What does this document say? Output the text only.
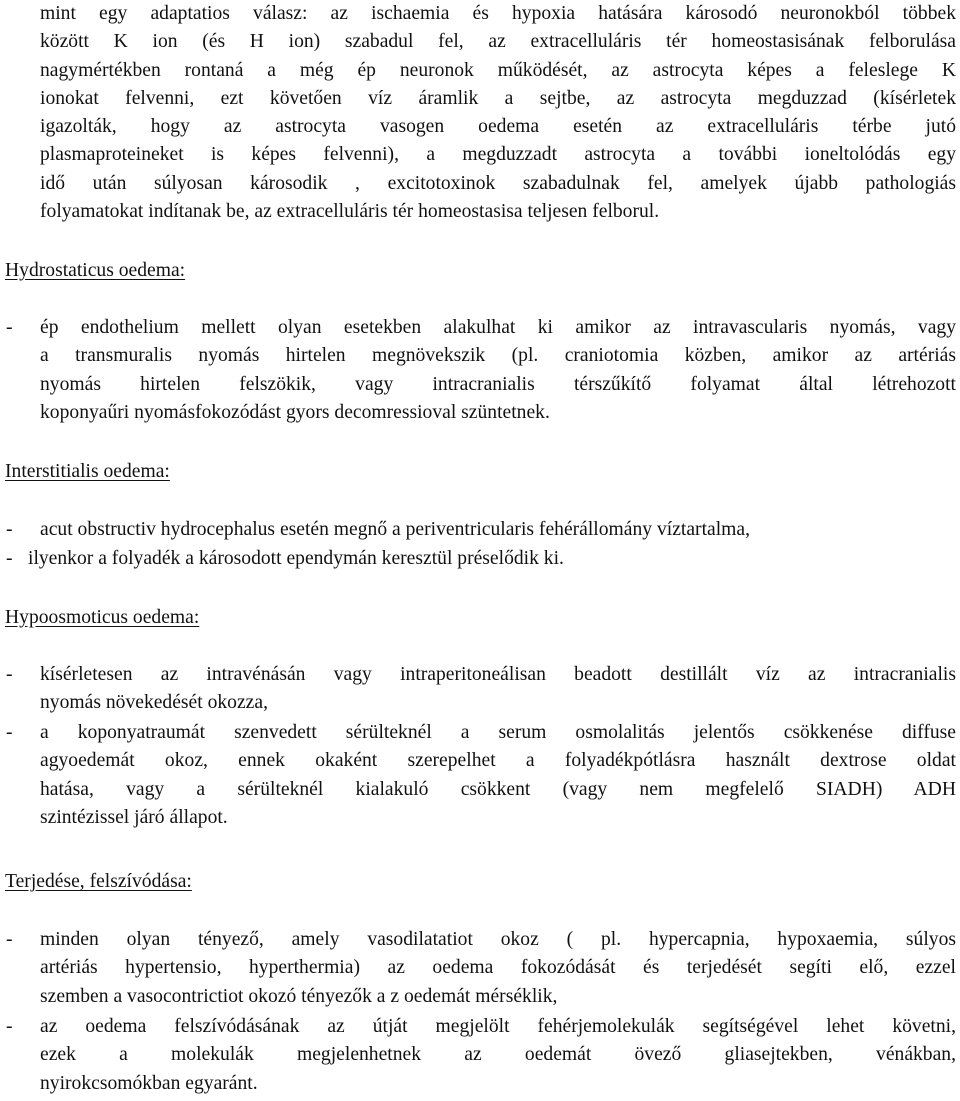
mint egy adaptatios válasz: az ischaemia és hypoxia hatására károsodó neuronokból többek
között K ion (és H ion) szabadul fel, az extracelluláris tér homeostasisának felborulása
nagymértékben rontaná a még ép neuronok működését, az astrocyta képes a feleslege K
ionokat felvenni, ezt követően víz áramlik a sejtbe, az astrocyta megduzzad (kísérletek
igazolták, hogy az astrocyta vasogen oedema esetén az extracelluláris térbe jutó
plasmaproteineket is képes felvenni), a megduzzadt astrocyta a további ioneltolódás egy
idő után súlyosan károsodik , excitotoxinok szabadulnak fel, amelyek újabb pathologiás
folyamatokat indítanak be, az extracelluláris tér homeostasisa teljesen felborul.
Hydrostaticus oedema:
-	ép endothelium mellett olyan esetekben alakulhat ki amikor az intravascularis nyomás, vagy
a transmuralis nyomás hirtelen megnövekszik (pl. craniotomia közben, amikor az artériás
nyomás hirtelen felszökik, vagy intracranialis térszűkítő folyamat által létrehozott
koponyaűri nyomásfokozódást gyors decomressioval szüntetnek.
Interstitialis oedema:
-	acut obstructiv hydrocephalus esetén megnő a periventricularis fehérállomány víztartalma,
- ilyenkor a folyadék a károsodott ependymán keresztül préselődik ki.
Hypoosmoticus oedema:
-	kísérletesen az intravénásán vagy intraperitoneálisan beadott destillált víz az intracranialis
nyomás növekedését okozza,
-	a koponyatraumát szenvedett sérülteknél a serum osmolalitás jelentős csökkenése diffuse
agyoedemát okoz, ennek okaként szerepelhet a folyadékpótlásra használt dextrose oldat
hatása, vagy a sérülteknél kialakuló csökkent (vagy nem megfelelő SIADH) ADH
szintézissel járó állapot.
Terjedése, felszívódása:
-	minden olyan tényező, amely vasodilatatiot okoz ( pl. hypercapnia, hypoxaemia, súlyos
artériás hypertensio, hyperthermia) az oedema fokozódását és terjedését segíti elő, ezzel
szemben a vasocontrictiot okozó tényezők a z oedemát mérséklik,
-	az oedema felszívódásának az útját megjelölt fehérjemolekulák segítségével lehet követni,
ezek a molekulák megjelenhetnek az oedemát övező gliasejtekben, vénákban,
nyirokcsomókban egyaránt.
